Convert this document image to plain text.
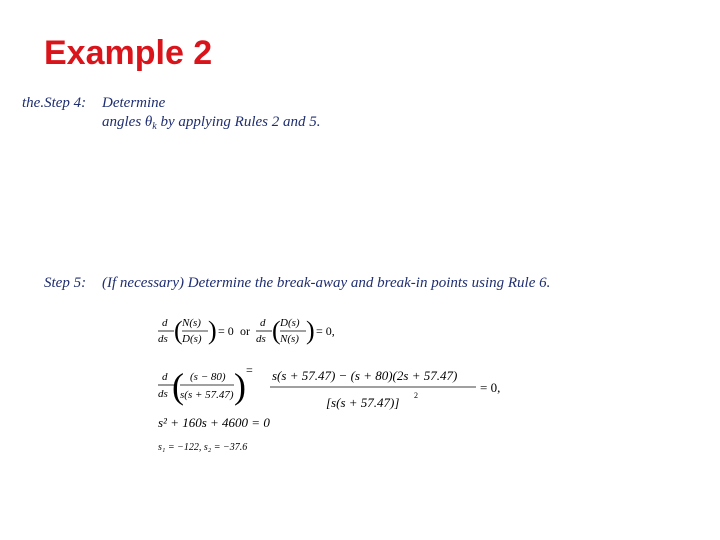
Example 2
the.Step 4: Determine
angles $\theta_k$ by applying Rules 2 and 5.
Step 5: (If necessary) Determine the break-away and break-in points using Rule 6.
d
ds ( N(s)
D(s) ) = 0 or
d
ds ( D(s)
N(s) ) = 0,
d
ds ( (s − 80)
s(s + 57.47) ) = s(s + 57.47) − (s + 80)(2s + 57.47)
[s(s + 57.47)] 2
= 0,
s² + 160s + 4600 = 0
s₁ = −122, s₂ = −37.6
